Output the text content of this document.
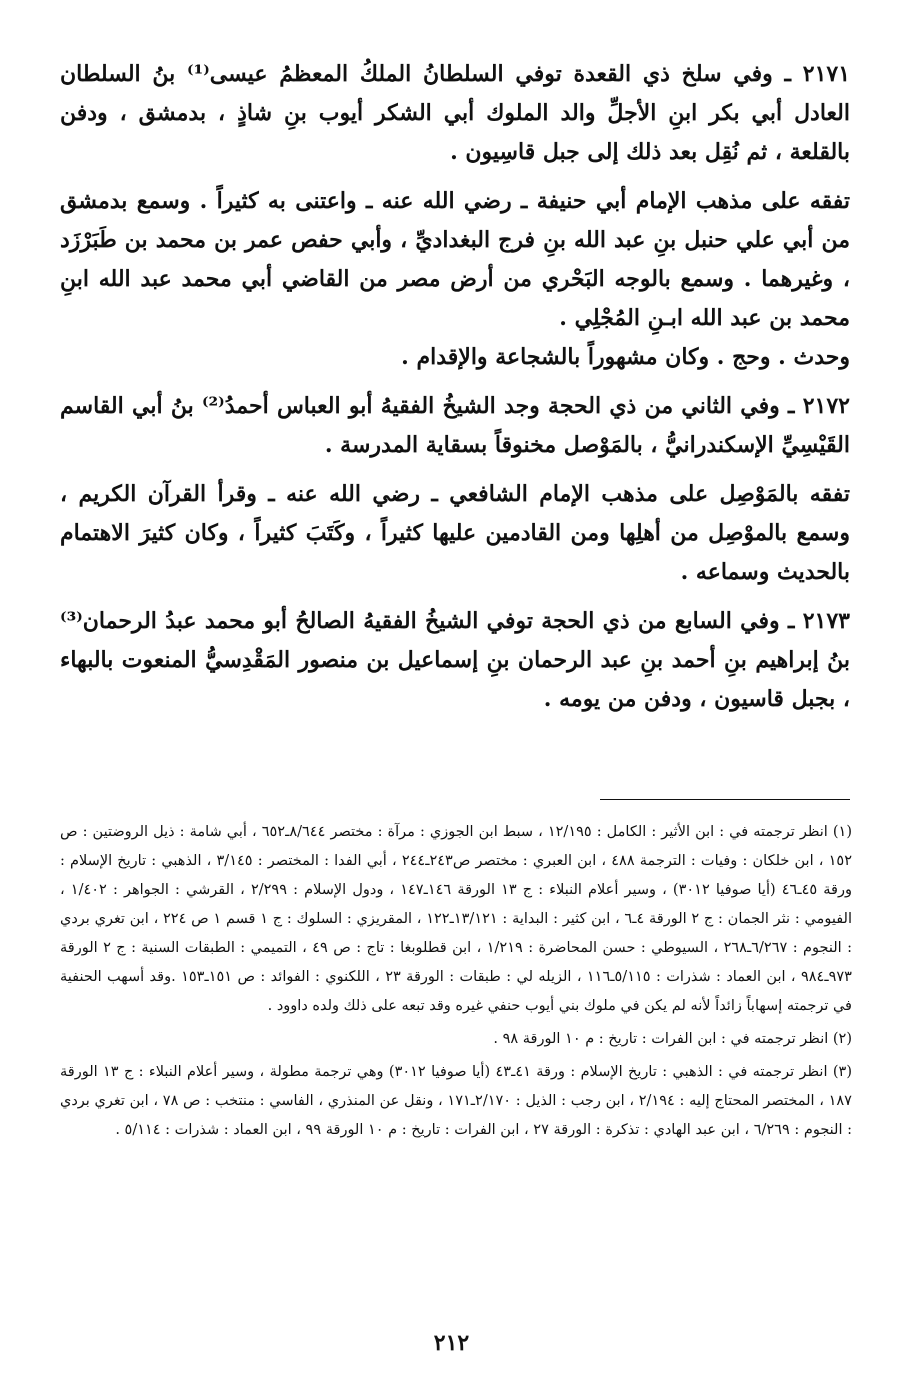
٢١٧١ ـ وفي سلخ ذي القعدة توفي السلطانُ الملكُ المعظمُ عيسى⁽¹⁾ بنُ السلطان العادل أبي بكر ابنِ الأجلِّ والد الملوك أبي الشكر أيوب بنِ شاذٍ ، بدمشق ، ودفن بالقلعة ، ثم نُقِل بعد ذلك إلى جبل قاسِيون .

تفقه على مذهب الإمام أبي حنيفة ـ رضي الله عنه ـ واعتنى به كثيراً . وسمع بدمشق من أبي علي حنبل بنِ عبد الله بنِ فرج البغداديِّ ، وأبي حفص عمر بن محمد بن طَبَرْزَد ، وغيرهما . وسمع بالوجه البَحْري من أرض مصر من القاضي أبي محمد عبد الله ابنِ محمد بن عبد الله ابـنِ المُجْلِي .

وحدث . وحج . وكان مشهوراً بالشجاعة والإقدام .

٢١٧٢ ـ وفي الثاني من ذي الحجة وجد الشيخُ الفقيهُ أبو العباس أحمدُ⁽²⁾ بنُ أبي القاسم القَيْسِيِّ الإسكندرانيُّ ، بالمَوْصل مخنوقاً بسقاية المدرسة .

تفقه بالمَوْصِل على مذهب الإمام الشافعي ـ رضي الله عنه ـ وقرأ القرآن الكريم ، وسمع بالموْصِل من أهلِها ومن القادمين عليها كثيراً ، وكَتَبَ كثيراً ، وكان كثيرَ الاهتمام بالحديث وسماعه .

٢١٧٣ ـ وفي السابع من ذي الحجة توفي الشيخُ الفقيهُ الصالحُ أبو محمد عبدُ الرحمان⁽³⁾ بنُ إبراهيم بنِ أحمد بنِ عبد الرحمان بنِ إسماعيل بن منصور المَقْدِسيُّ المنعوت بالبهاء ، بجبل قاسيون ، ودفن من يومه .

(١) انظر ترجمته في : ابن الأثير : الكامل : ١٢/١٩٥ ، سبط ابن الجوزي : مرآة : مختصر ٨/٦٤٤ـ٦٥٢ ، أبي شامة : ذيل الروضتين : ص ١٥٢ ، ابن خلكان : وفيات : الترجمة ٤٨٨ ، ابن العبري : مختصر ص٢٤٣ـ٢٤٤ ، أبي الفدا : المختصر : ٣/١٤٥ ، الذهبي : تاريخ الإسلام : ورقة ٤٥ـ٤٦ (أيا صوفيا ٣٠١٢) ، وسير أعلام النبلاء : ج ١٣ الورقة ١٤٦ـ١٤٧ ، ودول الإسلام : ٢/٢٩٩ ، القرشي : الجواهر : ١/٤٠٢ ، الفيومي : نثر الجمان : ج ٢ الورقة ٤ـ٦ ، ابن كثير : البداية : ١٣/١٢١ـ١٢٢ ، المقريزي : السلوك : ج ١ قسم ١ ص ٢٢٤ ، ابن تغري بردي : النجوم : ٦/٢٦٧ـ٢٦٨ ، السيوطي : حسن المحاضرة : ١/٢١٩ ، ابن قطلوبغا : تاج : ص ٤٩ ، التميمي : الطبقات السنية : ج ٢ الورقة ٩٧٣ـ٩٨٤ ، ابن العماد : شذرات : ٥/١١٥ـ١١٦ ، الزيله لي : طبقات : الورقة ٢٣ ، اللكنوي : الفوائد : ص ١٥١ـ١٥٣ .وقد أسهب الحنفية في ترجمته إسهاباً زائداً لأنه لم يكن في ملوك بني أيوب حنفي غيره وقد تبعه على ذلك ولده داوود .

(٢) انظر ترجمته في : ابن الفرات : تاريخ : م ١٠ الورقة ٩٨ .

(٣) انظر ترجمته في : الذهبي : تاريخ الإسلام : ورقة ٤١ـ٤٣ (أيا صوفيا ٣٠١٢) وهي ترجمة مطولة ، وسير أعلام النبلاء : ج ١٣ الورقة ١٨٧ ، المختصر المحتاج إليه : ٢/١٩٤ ، ابن رجب : الذيل : ٢/١٧٠ـ١٧١ ، ونقل عن المنذري ، الفاسي : منتخب : ص ٧٨ ، ابن تغري بردي : النجوم : ٦/٢٦٩ ، ابن عبد الهادي : تذكرة : الورقة ٢٧ ، ابن الفرات : تاريخ : م ١٠ الورقة ٩٩ ، ابن العماد : شذرات : ٥/١١٤ .

٢١٢
